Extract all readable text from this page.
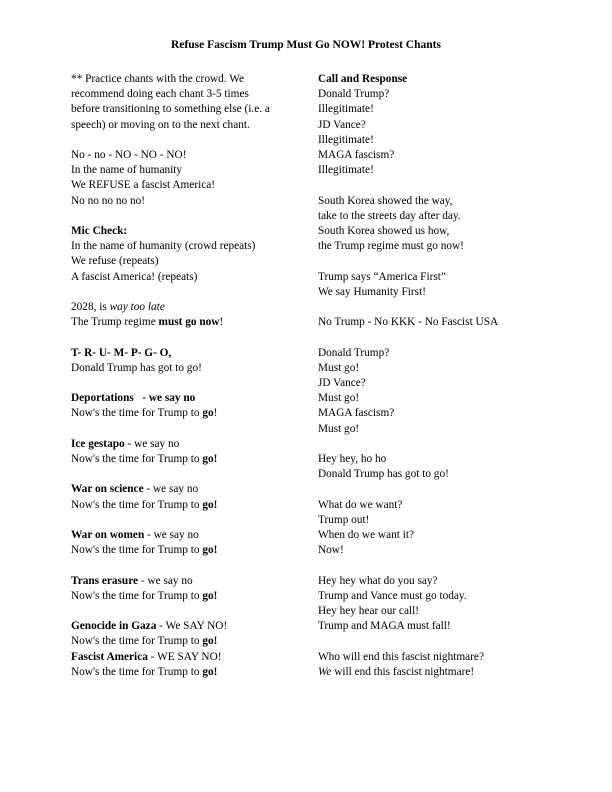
Refuse Fascism Trump Must Go NOW! Protest Chants
** Practice chants with the crowd. We
recommend doing each chant 3-5 times
before transitioning to something else (i.e. a
speech) or moving on to the next chant.
No - no - NO - NO - NO!
In the name of humanity
We REFUSE a fascist America!
No no no no no!
Mic Check:
In the name of humanity (crowd repeats)
We refuse (repeats)
A fascist America! (repeats)
2028, is way too late
The Trump regime must go now!
T- R- U- M- P- G- O,
Donald Trump has got to go!
Deportations   - we say no
Now's the time for Trump to go!
Ice gestapo - we say no
Now's the time for Trump to go!
War on science - we say no
Now's the time for Trump to go!
War on women - we say no
Now's the time for Trump to go!
Trans erasure - we say no
Now's the time for Trump to go!
Genocide in Gaza - We SAY NO!
Now's the time for Trump to go!
Fascist America - WE SAY NO!
Now's the time for Trump to go!
Call and Response
Donald Trump?
Illegitimate!
JD Vance?
Illegitimate!
MAGA fascism?
Illegitimate!
South Korea showed the way,
take to the streets day after day.
South Korea showed us how,
the Trump regime must go now!
Trump says “America First”
We say Humanity First!
No Trump - No KKK - No Fascist USA
Donald Trump?
Must go!
JD Vance?
Must go!
MAGA fascism?
Must go!
Hey hey, ho ho
Donald Trump has got to go!
What do we want?
Trump out!
When do we want it?
Now!
Hey hey what do you say?
Trump and Vance must go today.
Hey hey hear our call!
Trump and MAGA must fall!
Who will end this fascist nightmare?
We will end this fascist nightmare!
